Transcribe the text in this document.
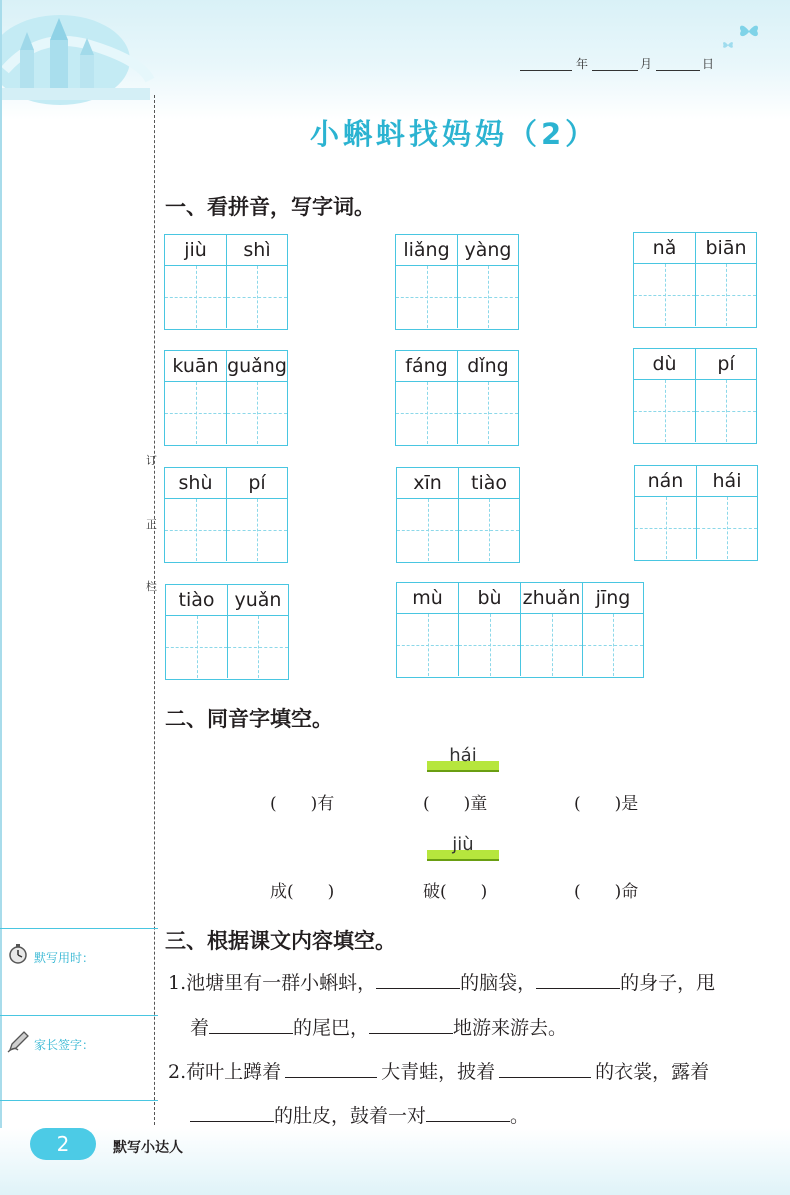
年	月	日
订
正
栏
小蝌蚪找妈妈（2）
一、看拼音，写字词。
jiù	shì	liǎng yàng	nǎ	biān
kuān guǎng	fáng	dǐng	dù	pí
shù	pí	xīn	tiào	nán	hái
tiào	yuǎn	mù	bù	zhuǎn jīng
二、同音字填空。
hái
(　　)有	(　　)童	(　　)是
jiù
成(　　)	破(　　)	(　　)命
三、根据课文内容填空。
1.池塘里有一群小蝌蚪，	的脑袋，	的身子，甩
着	的尾巴，	地游来游去。
2.荷叶上蹲着	大青蛙，披着	的衣裳，露着
的肚皮，鼓着一对	。
默写用时：
家长签字：
2	默写小达人
